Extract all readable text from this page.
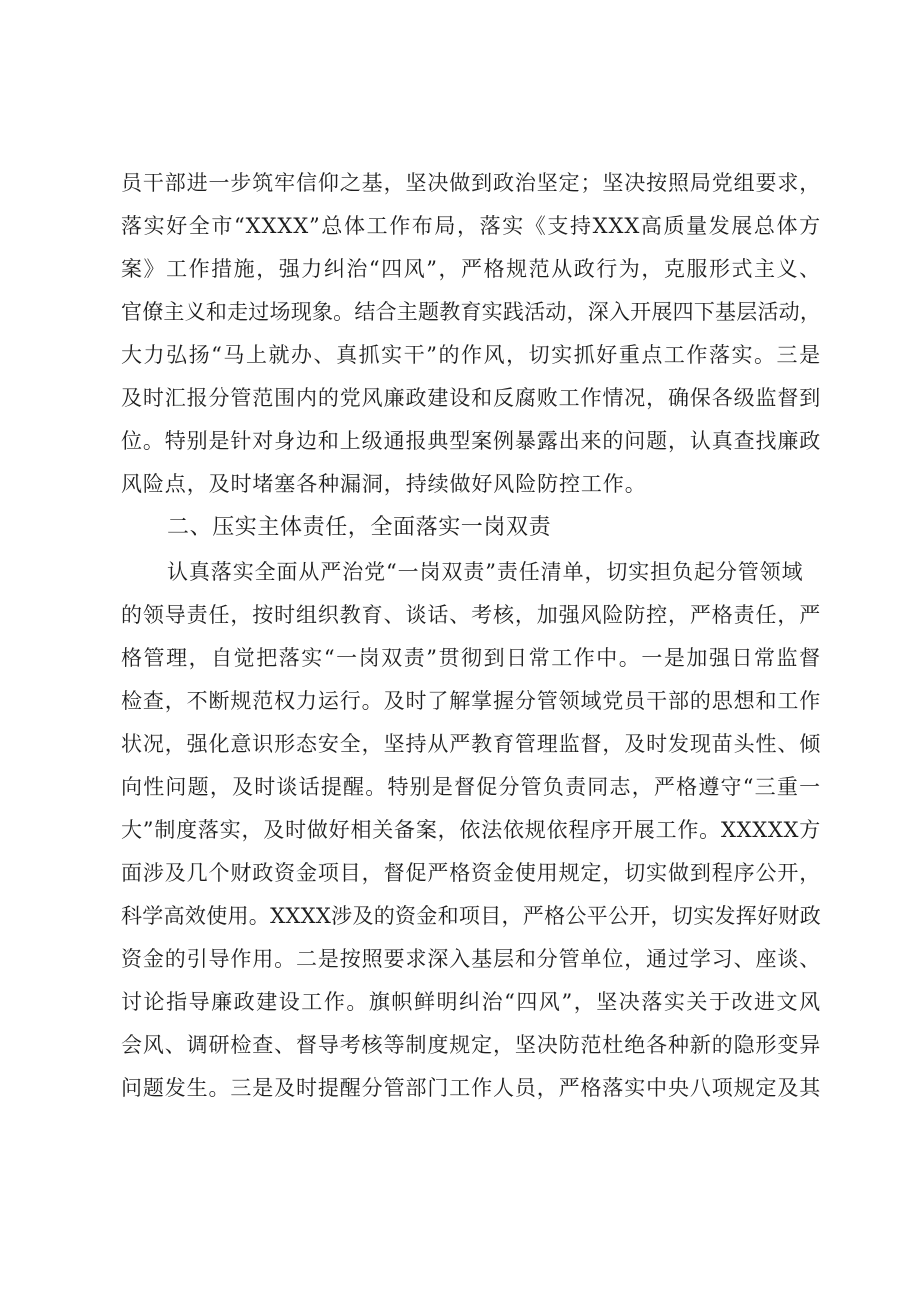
员干部进一步筑牢信仰之基，坚决做到政治坚定；坚决按照局党组要求，
落实好全市“XXXX”总体工作布局，落实《支持XXX高质量发展总体方
案》工作措施，强力纠治“四风”，严格规范从政行为，克服形式主义、
官僚主义和走过场现象。结合主题教育实践活动，深入开展四下基层活动，
大力弘扬“马上就办、真抓实干”的作风，切实抓好重点工作落实。三是
及时汇报分管范围内的党风廉政建设和反腐败工作情况，确保各级监督到
位。特别是针对身边和上级通报典型案例暴露出来的问题，认真查找廉政
风险点，及时堵塞各种漏洞，持续做好风险防控工作。
二、压实主体责任，全面落实一岗双责
认真落实全面从严治党“一岗双责”责任清单，切实担负起分管领域
的领导责任，按时组织教育、谈话、考核，加强风险防控，严格责任，严
格管理，自觉把落实“一岗双责”贯彻到日常工作中。一是加强日常监督
检查，不断规范权力运行。及时了解掌握分管领域党员干部的思想和工作
状况，强化意识形态安全，坚持从严教育管理监督，及时发现苗头性、倾
向性问题，及时谈话提醒。特别是督促分管负责同志，严格遵守“三重一
大”制度落实，及时做好相关备案，依法依规依程序开展工作。XXXXX方
面涉及几个财政资金项目，督促严格资金使用规定，切实做到程序公开，
科学高效使用。XXXX涉及的资金和项目，严格公平公开，切实发挥好财政
资金的引导作用。二是按照要求深入基层和分管单位，通过学习、座谈、
讨论指导廉政建设工作。旗帜鲜明纠治“四风”，坚决落实关于改进文风
会风、调研检查、督导考核等制度规定，坚决防范杜绝各种新的隐形变异
问题发生。三是及时提醒分管部门工作人员，严格落实中央八项规定及其
